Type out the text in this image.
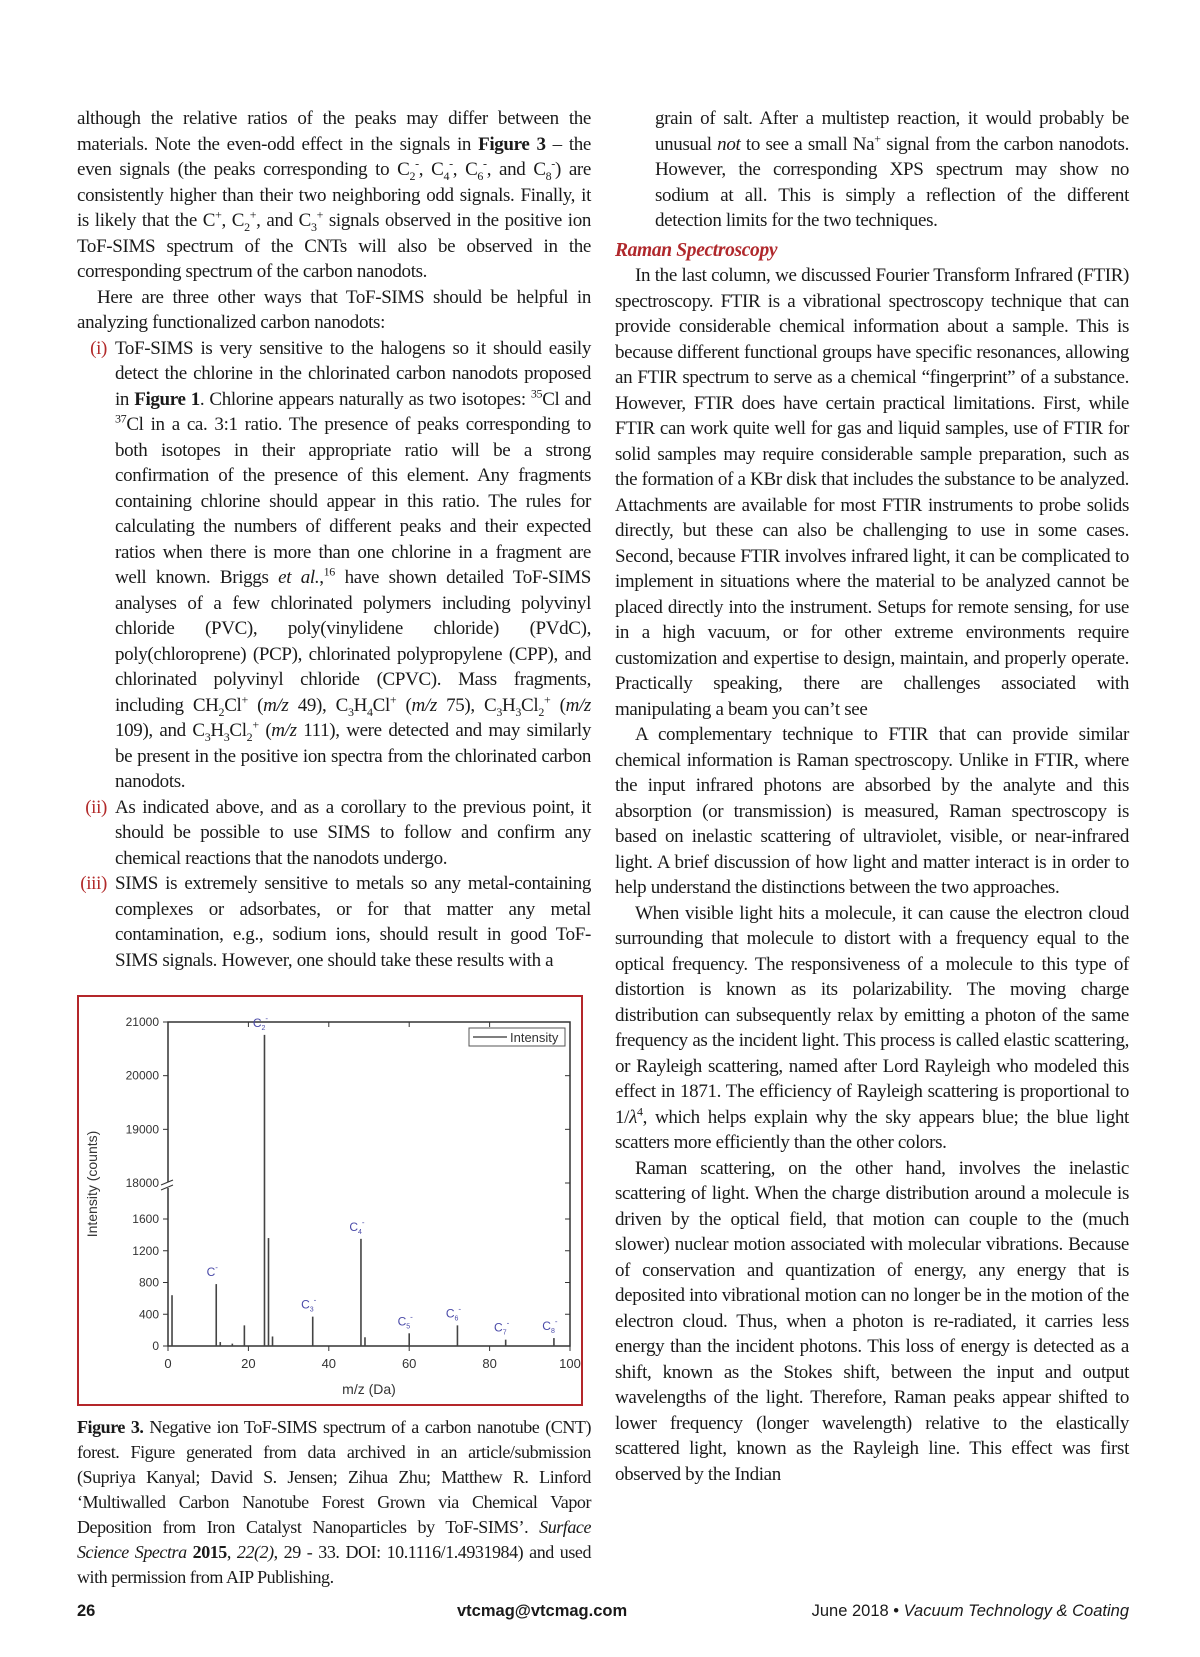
although the relative ratios of the peaks may differ between the materials. Note the even-odd effect in the signals in Figure 3 – the even signals (the peaks corresponding to $C_2^-$, $C_4^-$, $C_6^-$, and $C_8^-$) are consistently higher than their two neighboring odd signals. Finally, it is likely that the C+, $C_2^+$, and $C_3^+$ signals observed in the positive ion ToF-SIMS spectrum of the CNTs will also be observed in the corresponding spectrum of the carbon nanodots.
Here are three other ways that ToF-SIMS should be helpful in analyzing functionalized carbon nanodots:
(i) ToF-SIMS is very sensitive to the halogens so it should easily detect the chlorine in the chlorinated carbon nanodots proposed in Figure 1. Chlorine appears naturally as two isotopes: $^{35}$Cl and $^{37}$Cl in a ca. 3:1 ratio. The presence of peaks corresponding to both isotopes in their appropriate ratio will be a strong confirmation of the presence of this element. Any fragments containing chlorine should appear in this ratio. The rules for calculating the numbers of different peaks and their expected ratios when there is more than one chlorine in a fragment are well known. Briggs et al.,$^{16}$ have shown detailed ToF-SIMS analyses of a few chlorinated polymers including polyvinyl chloride (PVC), poly(vinylidene chloride) (PVdC), poly(chloroprene) (PCP), chlorinated polypropylene (CPP), and chlorinated polyvinyl chloride (CPVC). Mass fragments, including $CH_2Cl^+$ (m/z 49), $C_3H_4Cl^+$ (m/z 75), $C_3H_3Cl_2^+$ (m/z 109), and $C_3H_3Cl_2^+$ (m/z 111), were detected and may similarly be present in the positive ion spectra from the chlorinated carbon nanodots.
(ii) As indicated above, and as a corollary to the previous point, it should be possible to use SIMS to follow and confirm any chemical reactions that the nanodots undergo.
(iii) SIMS is extremely sensitive to metals so any metal-containing complexes or adsorbates, or for that matter any metal contamination, e.g., sodium ions, should result in good ToF-SIMS signals. However, one should take these results with a
grain of salt. After a multistep reaction, it would probably be unusual not to see a small Na+ signal from the carbon nanodots. However, the corresponding XPS spectrum may show no sodium at all. This is simply a reflection of the different detection limits for the two techniques.
Raman Spectroscopy
In the last column, we discussed Fourier Transform Infrared (FTIR) spectroscopy. FTIR is a vibrational spectroscopy technique that can provide considerable chemical information about a sample. This is because different functional groups have specific resonances, allowing an FTIR spectrum to serve as a chemical “fingerprint” of a substance. However, FTIR does have certain practical limitations. First, while FTIR can work quite well for gas and liquid samples, use of FTIR for solid samples may require considerable sample preparation, such as the formation of a KBr disk that includes the substance to be analyzed. Attachments are available for most FTIR instruments to probe solids directly, but these can also be challenging to use in some cases. Second, because FTIR involves infrared light, it can be complicated to implement in situations where the material to be analyzed cannot be placed directly into the instrument. Setups for remote sensing, for use in a high vacuum, or for other extreme environments require customization and expertise to design, maintain, and properly operate. Practically speaking, there are challenges associated with manipulating a beam you can’t see
A complementary technique to FTIR that can provide similar chemical information is Raman spectroscopy. Unlike in FTIR, where the input infrared photons are absorbed by the analyte and this absorption (or transmission) is measured, Raman spectroscopy is based on inelastic scattering of ultraviolet, visible, or near-infrared light. A brief discussion of how light and matter interact is in order to help understand the distinctions between the two approaches.
When visible light hits a molecule, it can cause the electron cloud surrounding that molecule to distort with a frequency equal to the optical frequency. The responsiveness of a molecule to this type of distortion is known as its polarizability. The moving charge distribution can subsequently relax by emitting a photon of the same frequency as the incident light. This process is called elastic scattering, or Rayleigh scattering, named after Lord Rayleigh who modeled this effect in 1871. The efficiency of Rayleigh scattering is proportional to $1/\lambda^4$, which helps explain why the sky appears blue; the blue light scatters more efficiently than the other colors.
Raman scattering, on the other hand, involves the inelastic scattering of light. When the charge distribution around a molecule is driven by the optical field, that motion can couple to the (much slower) nuclear motion associated with molecular vibrations. Because of conservation and quantization of energy, any energy that is deposited into vibrational motion can no longer be in the motion of the electron cloud. Thus, when a photon is re-radiated, it carries less energy than the incident photons. This loss of energy is detected as a shift, known as the Stokes shift, between the input and output wavelengths of the light. Therefore, Raman peaks appear shifted to lower frequency (longer wavelength) relative to the elastically scattered light, known as the Rayleigh line. This effect was first observed by the Indian
0	20	40	60	80	100
0
400
800
1200
1600
18000
19000
20000
21000
C-
$C_2^-$
$C_3^-$
$C_4^-$
$C_5^-$	$C_6^-$
$C_7^-$	$C_8^-$
Intensity
m/z (Da)
Intensity (counts)
Figure 3. Negative ion ToF-SIMS spectrum of a carbon nanotube (CNT) forest. Figure generated from data archived in an article/submission (Supriya Kanyal; David S. Jensen; Zihua Zhu; Matthew R. Linford ‘Multiwalled Carbon Nanotube Forest Grown via Chemical Vapor Deposition from Iron Catalyst Nanoparticles by ToF-SIMS’. Surface Science Spectra 2015, 22(2), 29 - 33. DOI: 10.1116/1.4931984) and used with permission from AIP Publishing.
26	vtcmag@vtcmag.com	June 2018 • Vacuum Technology & Coating
